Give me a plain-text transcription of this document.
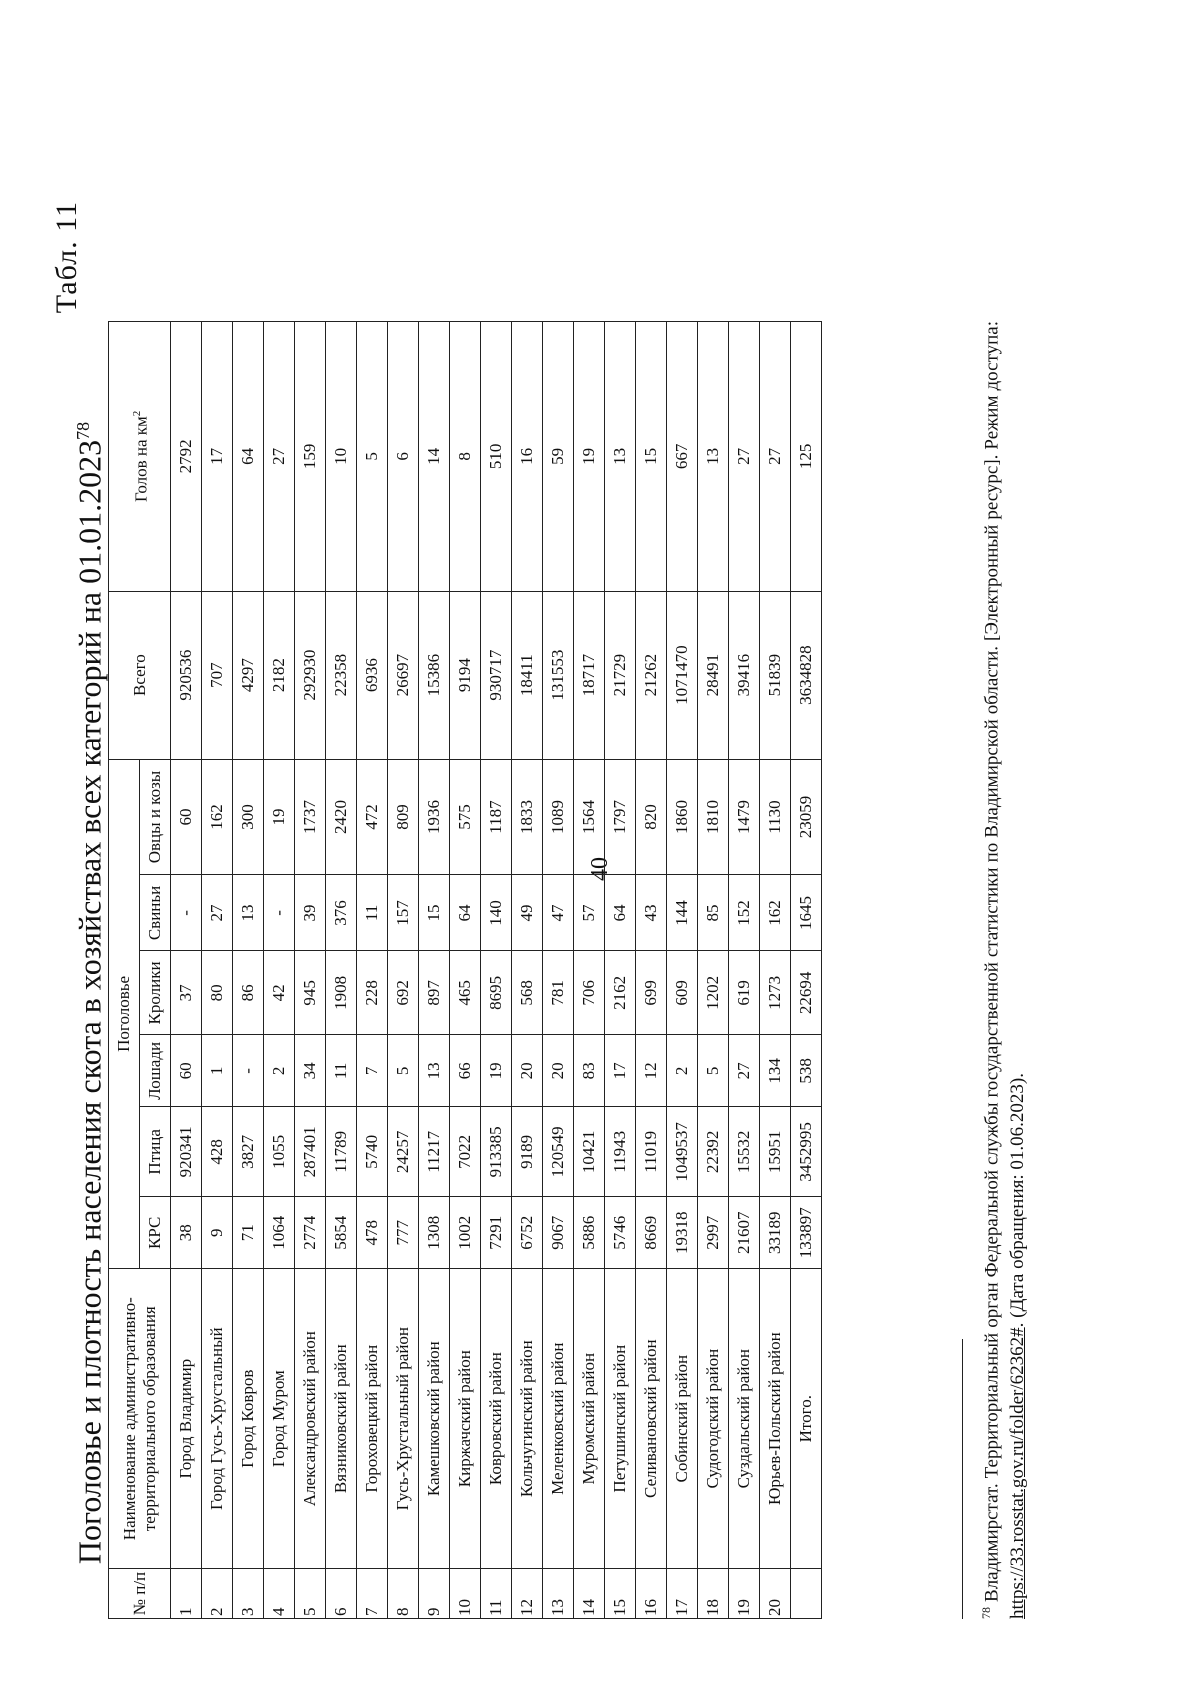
40
Табл. 11
Поголовье и плотность населения скота в хозяйствах всех категорий на 01.01.2023$^{78}$
№ п/п	Наименование административно-территориального образования	Поголовье						Всего	Голов на $км^2$
		КРС	Птица	Лошади	Кролики	Свиньи	Овцы и козы		
1	Город Владимир	38	920341	60	37	-	60	920536	2792
2	Город Гусь-Хрустальный	9	428	1	80	27	162	707	17
3	Город Ковров	71	3827	-	86	13	300	4297	64
4	Город Муром	1064	1055	2	42	-	19	2182	27
5	Александровский район	2774	287401	34	945	39	1737	292930	159
6	Вязниковский район	5854	11789	11	1908	376	2420	22358	10
7	Гороховецкий район	478	5740	7	228	11	472	6936	5
8	Гусь-Хрустальный район	777	24257	5	692	157	809	26697	6
9	Камешковский район	1308	11217	13	897	15	1936	15386	14
10	Киржачский район	1002	7022	66	465	64	575	9194	8
11	Ковровский район	7291	913385	19	8695	140	1187	930717	510
12	Кольчугинский район	6752	9189	20	568	49	1833	18411	16
13	Меленковский район	9067	120549	20	781	47	1089	131553	59
14	Муромский район	5886	10421	83	706	57	1564	18717	19
15	Петушинский район	5746	11943	17	2162	64	1797	21729	13
16	Селивановский район	8669	11019	12	699	43	820	21262	15
17	Собинский район	19318	1049537	2	609	144	1860	1071470	667
18	Судогодский район	2997	22392	5	1202	85	1810	28491	13
19	Суздальский район	21607	15532	27	619	152	1479	39416	27
20	Юрьев-Польский район	33189	15951	134	1273	162	1130	51839	27
	Итого.	133897	3452995	538	22694	1645	23059	3634828	125
$^{78}$ Владимирстат. Территориальный орган Федеральной службы государственной статистики по Владимирской области. [Электронный ресурс]. Режим доступа: https://33.rosstat.gov.ru/folder/62362#. (Дата обращения: 01.06.2023).
